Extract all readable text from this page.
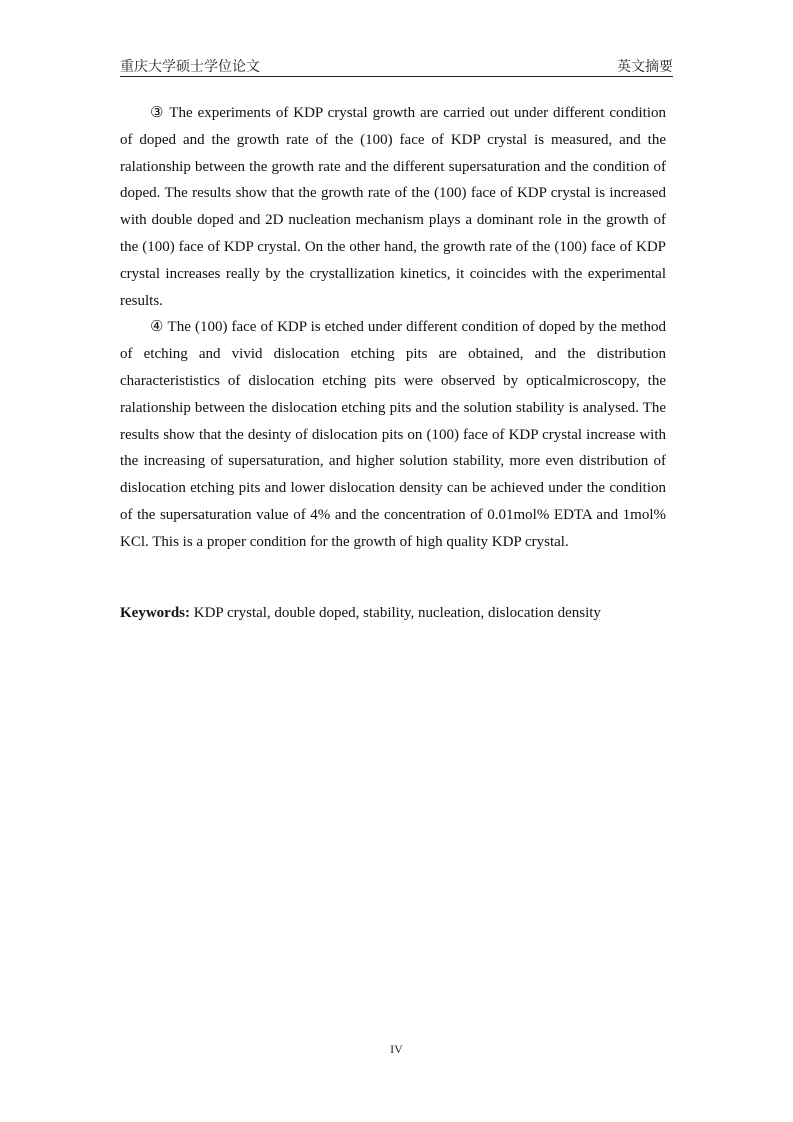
重庆大学硕士学位论文	英文摘要

③ The experiments of KDP crystal growth are carried out under different condition of doped and the growth rate of the (100) face of KDP crystal is measured, and the ralationship between the growth rate and the different supersaturation and the condition of doped. The results show that the growth rate of the (100) face of KDP crystal is increased with double doped and 2D nucleation mechanism plays a dominant role in the growth of the (100) face of KDP crystal. On the other hand, the growth rate of the (100) face of KDP crystal increases really by the crystallization kinetics, it coincides with the experimental results.

④ The (100) face of KDP is etched under different condition of doped by the method of etching and vivid dislocation etching pits are obtained, and the distribution characterististics of dislocation etching pits were observed by opticalmicroscopy, the ralationship between the dislocation etching pits and the solution stability is analysed. The results show that the desinty of dislocation pits on (100) face of KDP crystal increase with the increasing of supersaturation, and higher solution stability, more even distribution of dislocation etching pits and lower dislocation density can be achieved under the condition of the supersaturation value of 4% and the concentration of 0.01mol% EDTA and 1mol% KCl. This is a proper condition for the growth of high quality KDP crystal.

Keywords: KDP crystal, double doped, stability, nucleation, dislocation density
IV
